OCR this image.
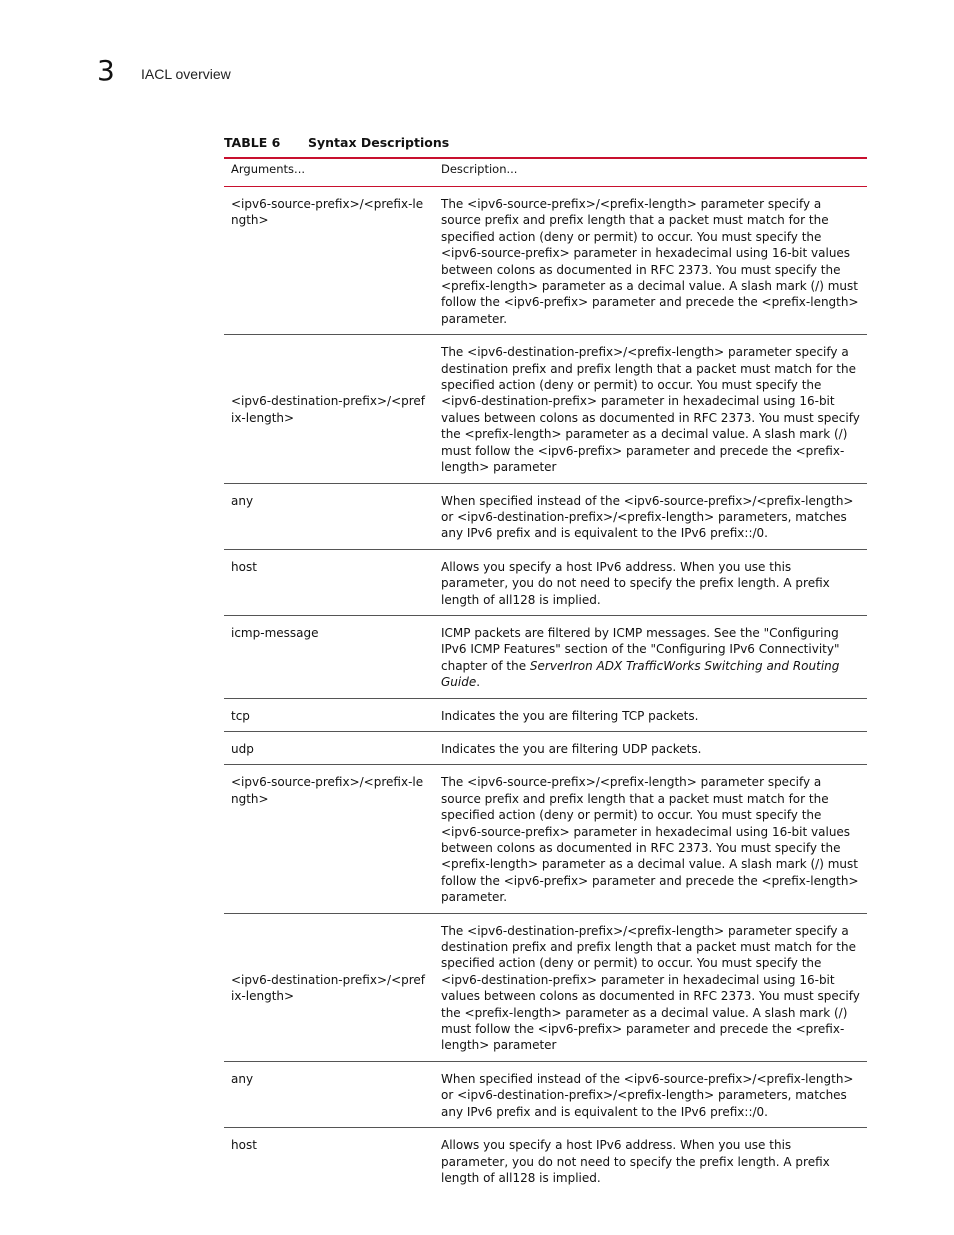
3 IACL overview
TABLE 6 Syntax Descriptions
Arguments...	Description...
<ipv6-source-prefix>/<prefix-length>	The <ipv6-source-prefix>/<prefix-length> parameter specify a source prefix and prefix length that a packet must match for the specified action (deny or permit) to occur. You must specify the <ipv6-source-prefix> parameter in hexadecimal using 16-bit values between colons as documented in RFC 2373. You must specify the <prefix-length> parameter as a decimal value. A slash mark (/) must follow the <ipv6-prefix> parameter and precede the <prefix-length> parameter.
<ipv6-destination-prefix>/<prefix-length>	The <ipv6-destination-prefix>/<prefix-length> parameter specify a destination prefix and prefix length that a packet must match for the specified action (deny or permit) to occur. You must specify the <ipv6-destination-prefix> parameter in hexadecimal using 16-bit values between colons as documented in RFC 2373. You must specify the <prefix-length> parameter as a decimal value. A slash mark (/) must follow the <ipv6-prefix> parameter and precede the <prefix-length> parameter
any	When specified instead of the <ipv6-source-prefix>/<prefix-length> or <ipv6-destination-prefix>/<prefix-length> parameters, matches any IPv6 prefix and is equivalent to the IPv6 prefix::/0.
host	Allows you specify a host IPv6 address. When you use this parameter, you do not need to specify the prefix length. A prefix length of all128 is implied.
icmp-message	ICMP packets are filtered by ICMP messages. See the "Configuring IPv6 ICMP Features" section of the "Configuring IPv6 Connectivity" chapter of the ServerIron ADX TrafficWorks Switching and Routing Guide.
tcp	Indicates the you are filtering TCP packets.
udp	Indicates the you are filtering UDP packets.
<ipv6-source-prefix>/<prefix-length>	The <ipv6-source-prefix>/<prefix-length> parameter specify a source prefix and prefix length that a packet must match for the specified action (deny or permit) to occur. You must specify the <ipv6-source-prefix> parameter in hexadecimal using 16-bit values between colons as documented in RFC 2373. You must specify the <prefix-length> parameter as a decimal value. A slash mark (/) must follow the <ipv6-prefix> parameter and precede the <prefix-length> parameter.
<ipv6-destination-prefix>/<prefix-length>	The <ipv6-destination-prefix>/<prefix-length> parameter specify a destination prefix and prefix length that a packet must match for the specified action (deny or permit) to occur. You must specify the <ipv6-destination-prefix> parameter in hexadecimal using 16-bit values between colons as documented in RFC 2373. You must specify the <prefix-length> parameter as a decimal value. A slash mark (/) must follow the <ipv6-prefix> parameter and precede the <prefix-length> parameter
any	When specified instead of the <ipv6-source-prefix>/<prefix-length> or <ipv6-destination-prefix>/<prefix-length> parameters, matches any IPv6 prefix and is equivalent to the IPv6 prefix::/0.
host	Allows you specify a host IPv6 address. When you use this parameter, you do not need to specify the prefix length. A prefix length of all128 is implied.
